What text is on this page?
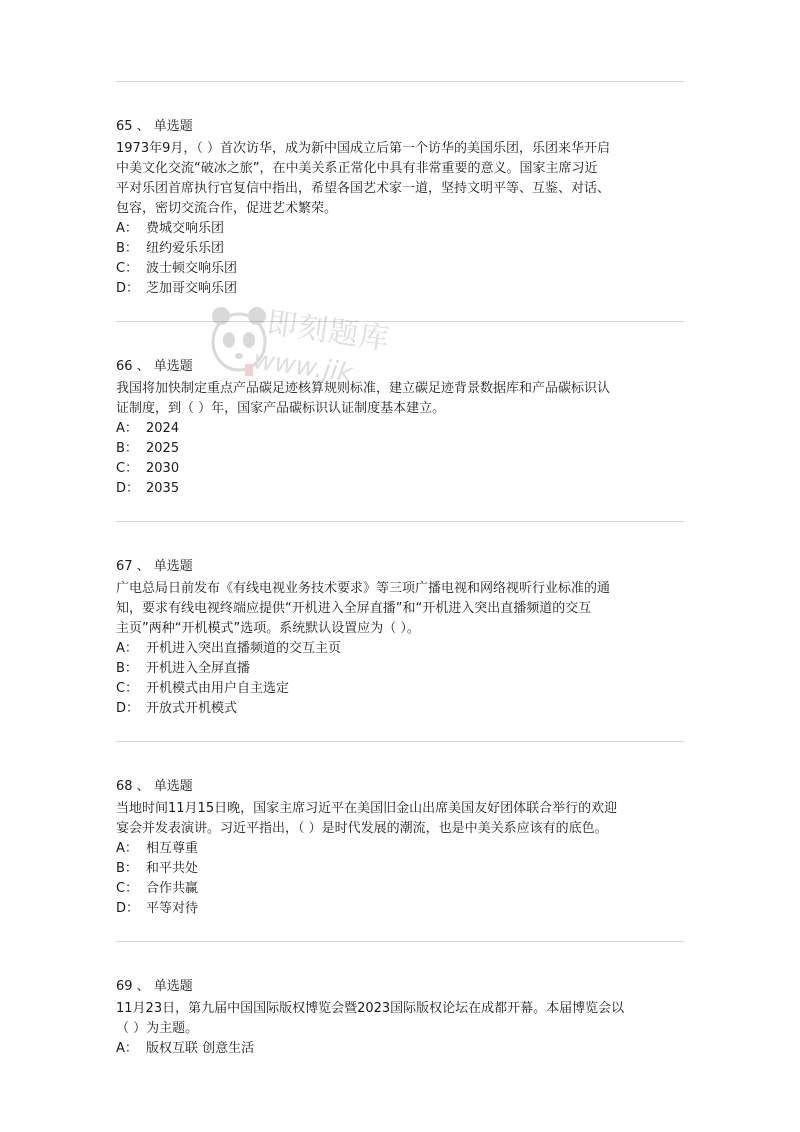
65 、 单选题
1973年9月，（ ）首次访华，成为新中国成立后第一个访华的美国乐团，乐团来华开启
中美文化交流“破冰之旅”，在中美关系正常化中具有非常重要的意义。国家主席习近
平对乐团首席执行官复信中指出，希望各国艺术家一道，坚持文明平等、互鉴、对话、
包容，密切交流合作，促进艺术繁荣。
A： 费城交响乐团
B： 纽约爱乐乐团
C： 波士顿交响乐团
D： 芝加哥交响乐团
66 、 单选题
我国将加快制定重点产品碳足迹核算规则标准，建立碳足迹背景数据库和产品碳标识认
证制度，到（ ）年，国家产品碳标识认证制度基本建立。
A： 2024
B： 2025
C： 2030
D： 2035
67 、 单选题
广电总局日前发布《有线电视业务技术要求》等三项广播电视和网络视听行业标准的通
知，要求有线电视终端应提供“开机进入全屏直播”和“开机进入突出直播频道的交互
主页”两种“开机模式”选项。系统默认设置应为（ ）。
A： 开机进入突出直播频道的交互主页
B： 开机进入全屏直播
C： 开机模式由用户自主选定
D： 开放式开机模式
68 、 单选题
当地时间11月15日晚，国家主席习近平在美国旧金山出席美国友好团体联合举行的欢迎
宴会并发表演讲。习近平指出，（ ）是时代发展的潮流，也是中美关系应该有的底色。
A： 相互尊重
B： 和平共处
C： 合作共赢
D： 平等对待
69 、 单选题
11月23日，第九届中国国际版权博览会暨2023国际版权论坛在成都开幕。本届博览会以
（ ）为主题。
A： 版权互联 创意生活
即刻题库
www.jik
